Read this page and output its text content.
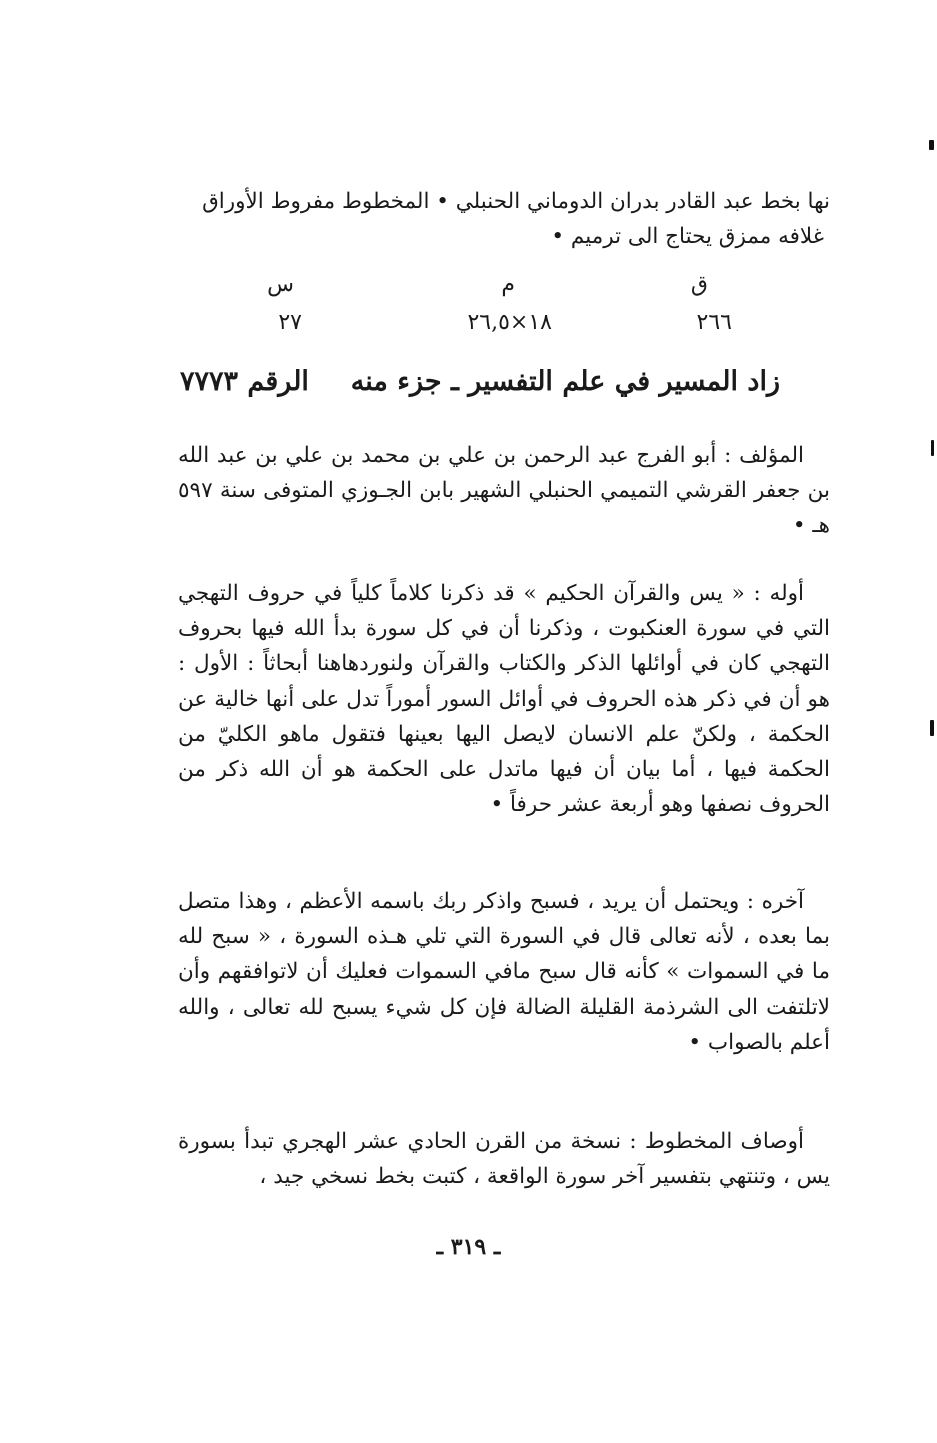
نها بخط عبد القادر بدران الدوماني الحنبلي • المخطوط مفروط الأوراق

غلافه ممزق يحتاج الى ترميم •

ق
م
س
٢٦٦
١٨×٢٦,٥
٢٧
زاد المسير في علم التفسير ـ جزء منه
الرقم ٧٧٧٣

المؤلف : أبو الفرج عبد الرحمن بن علي بن محمد بن علي بن عبد الله بن جعفر القرشي التميمي الحنبلي الشهير بابن الجـوزي المتوفى سنة ٥٩٧ هـ •

أوله : « يس والقرآن الحكيم » قد ذكرنا كلاماً كلياً في حروف التهجي التي في سورة العنكبوت ، وذكرنا أن في كل سورة بدأ الله فيها بحروف التهجي كان في أوائلها الذكر والكتاب والقرآن ولنوردهاهنا أبحاثاً : الأول : هو أن في ذكر هذه الحروف في أوائل السور أموراً تدل على أنها خالية عن الحكمة ، ولكنّ علم الانسان لايصل اليها بعينها فتقول ماهو الكليّ من الحكمة فيها ، أما بيان أن فيها ماتدل على الحكمة هو أن الله ذكر من الحروف نصفها وهو أربعة عشر حرفاً •

آخره : ويحتمل أن يريد ، فسبح واذكر ربك باسمه الأعظم ، وهذا متصل بما بعده ، لأنه تعالى قال في السورة التي تلي هـذه السورة ، « سبح لله ما في السموات » كأنه قال سبح مافي السموات فعليك أن لاتوافقهم وأن لاتلتفت الى الشرذمة القليلة الضالة فإن كل شيء يسبح لله تعالى ، والله أعلم بالصواب •

أوصاف المخطوط : نسخة من القرن الحادي عشر الهجري تبدأ بسورة يس ، وتنتهي بتفسير آخر سورة الواقعة ، كتبت بخط نسخي جيد ،

ـ ٣١٩ ـ
